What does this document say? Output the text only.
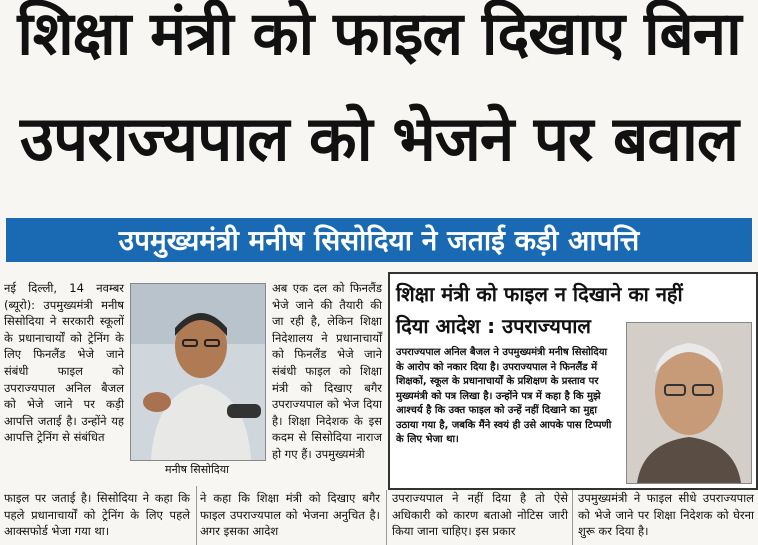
शिक्षा मंत्री को फाइल दिखाए बिना
उपराज्यपाल को भेजने पर बवाल
उपमुख्यमंत्री मनीष सिसोदिया ने जताई कड़ी आपत्ति

नई दिल्ली, 14 नवम्बर (ब्यूरो): उपमुख्यमंत्री मनीष सिसोदिया ने सरकारी स्कूलों के प्रधानाचार्यों को ट्रेनिंग के लिए फिनलैंड भेजे जाने संबंधी फाइल को उपराज्यपाल अनिल बैजल को भेजे जाने पर कड़ी आपत्ति जताई है। उन्होंने यह आपत्ति ट्रेनिंग से संबंधित

मनीष सिसोदिया

अब एक दल को फिनलैंड भेजे जाने की तैयारी की जा रही है, लेकिन शिक्षा निदेशालय ने प्रधानाचार्यों को फिनलैंड भेजे जाने संबंधी फाइल को शिक्षा मंत्री को दिखाए बगैर उपराज्यपाल को भेज दिया है। शिक्षा निदेशक के इस कदम से सिसोदिया नाराज हो गए हैं। उपमुख्यमंत्री

शिक्षा मंत्री को फाइल न दिखाने का नहीं
दिया आदेश : उपराज्यपाल

उपराज्यपाल अनिल बैजल ने उपमुख्यमंत्री मनीष सिसोदिया के आरोप को नकार दिया है। उपराज्यपाल ने फिनलैंड में शिक्षकों, स्कूल के प्रधानाचार्यों के प्रशिक्षण के प्रस्ताव पर मुख्यमंत्री को पत्र लिखा है। उन्होंने पत्र में कहा है कि मुझे आश्चर्य है कि उक्त फाइल को उन्हें नहीं दिखाने का मुद्दा उठाया गया है, जबकि मैंने स्वयं ही उसे आपके पास टिप्पणी के लिए भेजा था।

फाइल पर जताई है। सिसोदिया ने कहा कि पहले प्रधानाचार्यों को ट्रेनिंग के लिए पहले आक्सफोर्ड भेजा गया था।

ने कहा कि शिक्षा मंत्री को दिखाए बगैर फाइल उपराज्यपाल को भेजना अनुचित है। अगर इसका आदेश

उपराज्यपाल ने नहीं दिया है तो ऐसे अधिकारी को कारण बताओ नोटिस जारी किया जाना चाहिए। इस प्रकार

उपमुख्यमंत्री ने फाइल सीधे उपराज्यपाल को भेजे जाने पर शिक्षा निदेशक को घेरना शुरू कर दिया है।
